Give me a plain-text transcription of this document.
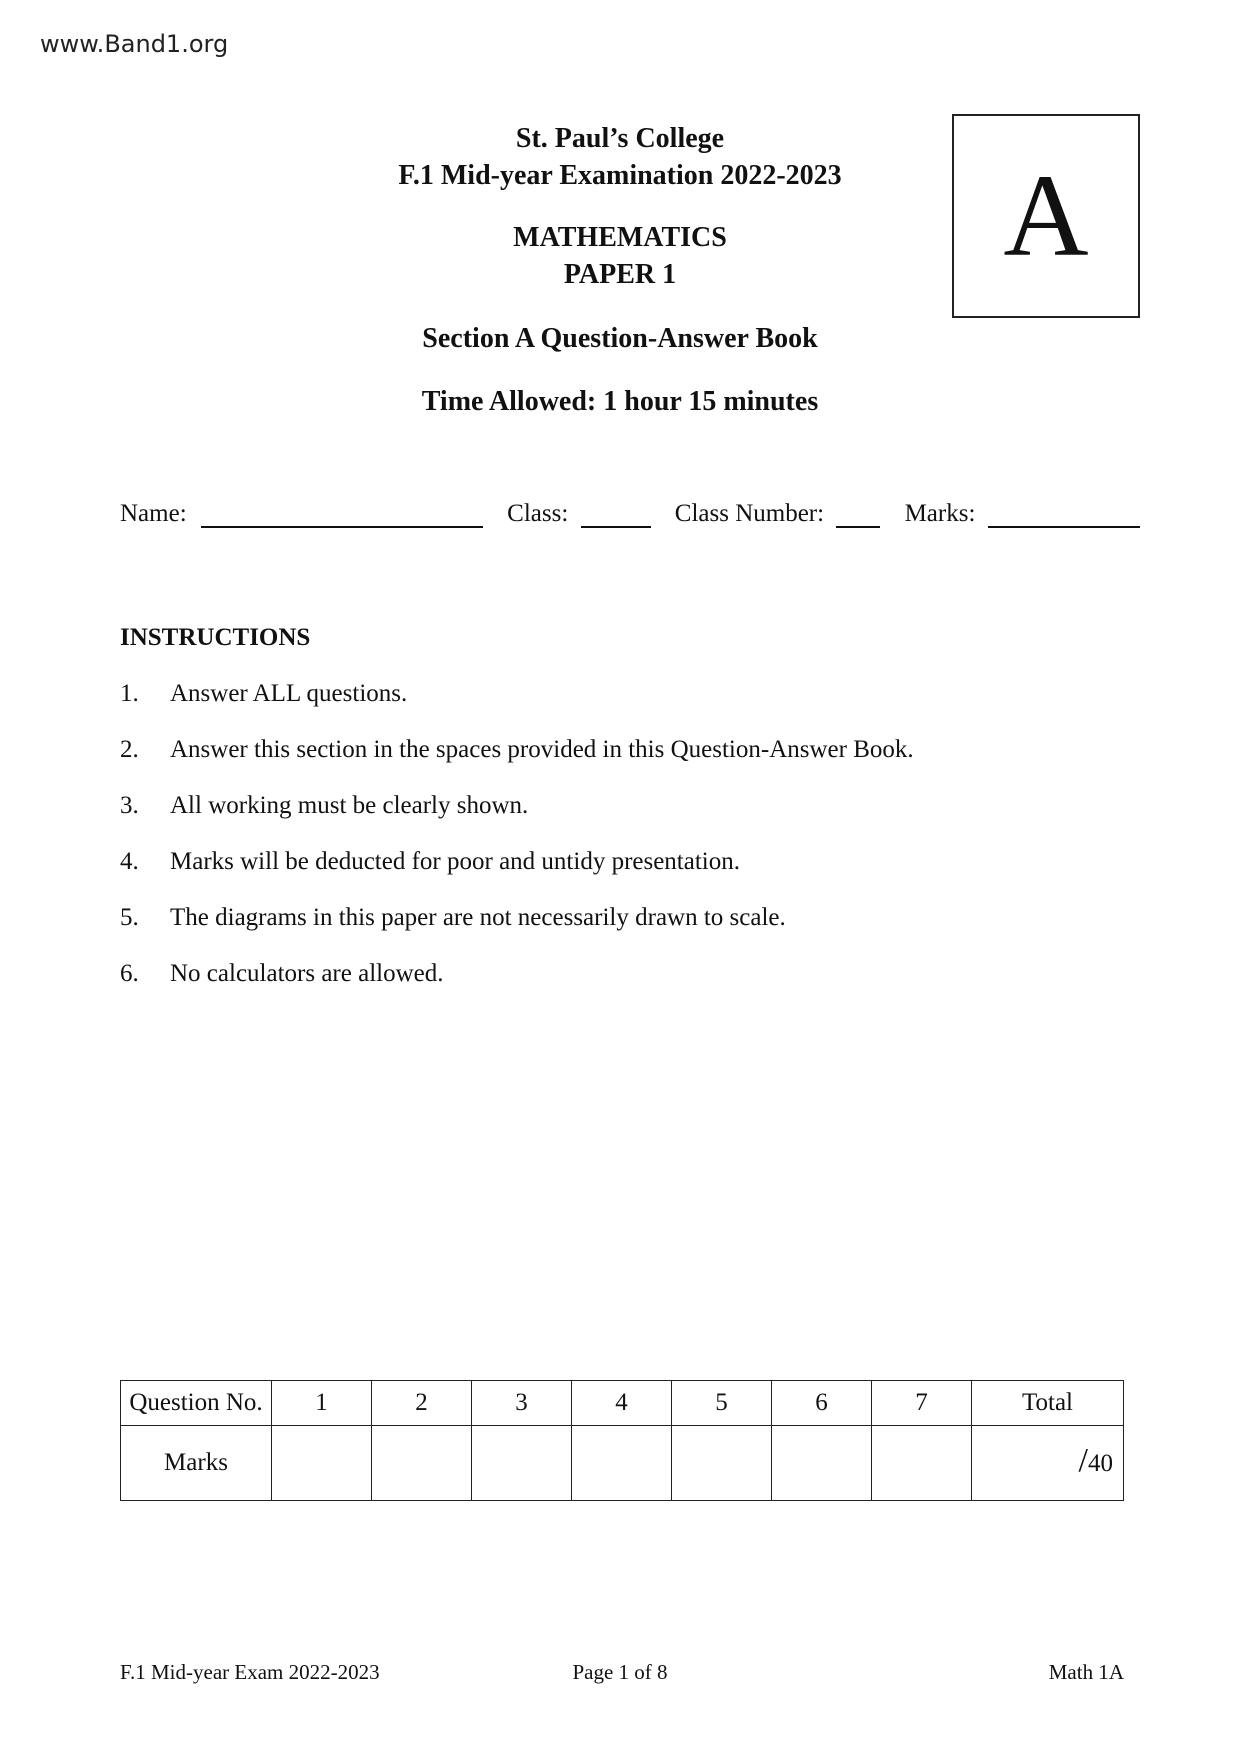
www.Band1.org
St. Paul’s College
F.1 Mid-year Examination 2022-2023
MATHEMATICS
PAPER 1
Section A Question-Answer Book
Time Allowed: 1 hour 15 minutes
A
Name:	Class:	Class Number:	Marks:
INSTRUCTIONS
1. Answer ALL questions.
2. Answer this section in the spaces provided in this Question-Answer Book.
3. All working must be clearly shown.
4. Marks will be deducted for poor and untidy presentation.
5. The diagrams in this paper are not necessarily drawn to scale.
6. No calculators are allowed.
Question No.	1	2	3	4	5	6	7	Total
Marks								/40
F.1 Mid-year Exam 2022-2023	Page 1 of 8	Math 1A
